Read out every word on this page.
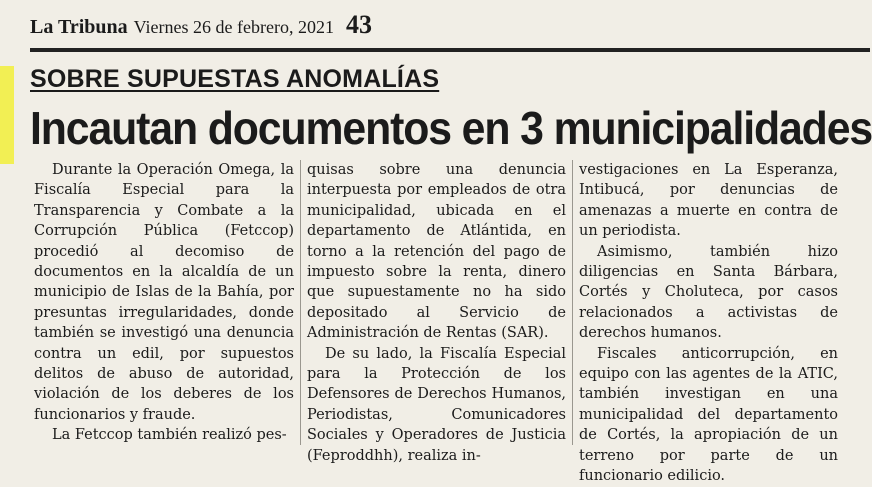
La Tribuna Viernes 26 de febrero, 2021 43
SOBRE SUPUESTAS ANOMALÍAS
Incautan documentos en 3 municipalidades

Durante la Operación Omega, la Fiscalía Especial para la Transparencia y Combate a la Corrupción Pública (Fetccop) procedió al decomiso de documentos en la alcaldía de un municipio de Islas de la Bahía, por presuntas irregularidades, donde también se investigó una denuncia contra un edil, por supuestos delitos de abuso de autoridad, violación de los deberes de los funcionarios y fraude.

La Fetccop también realizó pes-

quisas sobre una denuncia interpuesta por empleados de otra municipalidad, ubicada en el departamento de Atlántida, en torno a la retención del pago de impuesto sobre la renta, dinero que supuestamente no ha sido depositado al Servicio de Administración de Rentas (SAR).

De su lado, la Fiscalía Especial para la Protección de los Defensores de Derechos Humanos, Periodistas, Comunicadores Sociales y Operadores de Justicia (Feproddhh), realiza in-

vestigaciones en La Esperanza, Intibucá, por denuncias de amenazas a muerte en contra de un periodista.

Asimismo, también hizo diligencias en Santa Bárbara, Cortés y Choluteca, por casos relacionados a activistas de derechos humanos.

Fiscales anticorrupción, en equipo con las agentes de la ATIC, también investigan en una municipalidad del departamento de Cortés, la apropiación de un terreno por parte de un funcionario edilicio.
